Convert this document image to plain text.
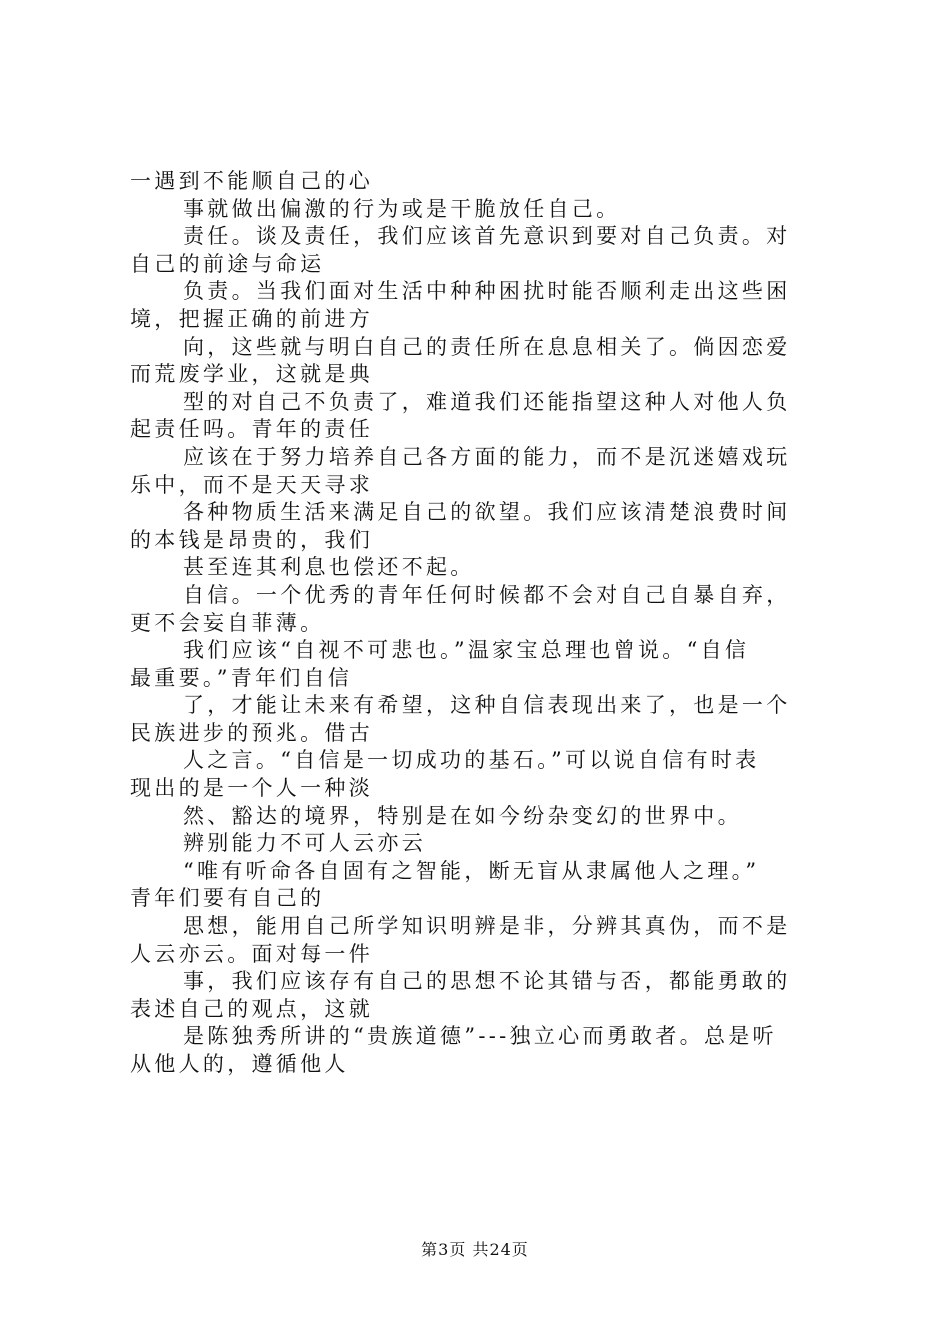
一遇到不能顺自己的心
事就做出偏激的行为或是干脆放任自己。
责任。谈及责任，我们应该首先意识到要对自己负责。对
自己的前途与命运
负责。当我们面对生活中种种困扰时能否顺利走出这些困
境，把握正确的前进方
向，这些就与明白自己的责任所在息息相关了。倘因恋爱
而荒废学业，这就是典
型的对自己不负责了，难道我们还能指望这种人对他人负
起责任吗。青年的责任
应该在于努力培养自己各方面的能力，而不是沉迷嬉戏玩
乐中，而不是天天寻求
各种物质生活来满足自己的欲望。我们应该清楚浪费时间
的本钱是昂贵的，我们
甚至连其利息也偿还不起。
自信。一个优秀的青年任何时候都不会对自己自暴自弃，
更不会妄自菲薄。
我们应该“自视不可悲也。”温家宝总理也曾说。“自信
最重要。”青年们自信
了，才能让未来有希望，这种自信表现出来了，也是一个
民族进步的预兆。借古
人之言。“自信是一切成功的基石。”可以说自信有时表
现出的是一个人一种淡
然、豁达的境界，特别是在如今纷杂变幻的世界中。
辨别能力不可人云亦云
“唯有听命各自固有之智能，断无盲从隶属他人之理。”
青年们要有自己的
思想，能用自己所学知识明辨是非，分辨其真伪，而不是
人云亦云。面对每一件
事，我们应该存有自己的思想不论其错与否，都能勇敢的
表述自己的观点，这就
是陈独秀所讲的“贵族道德”---独立心而勇敢者。总是听
从他人的，遵循他人
第3页 共24页
